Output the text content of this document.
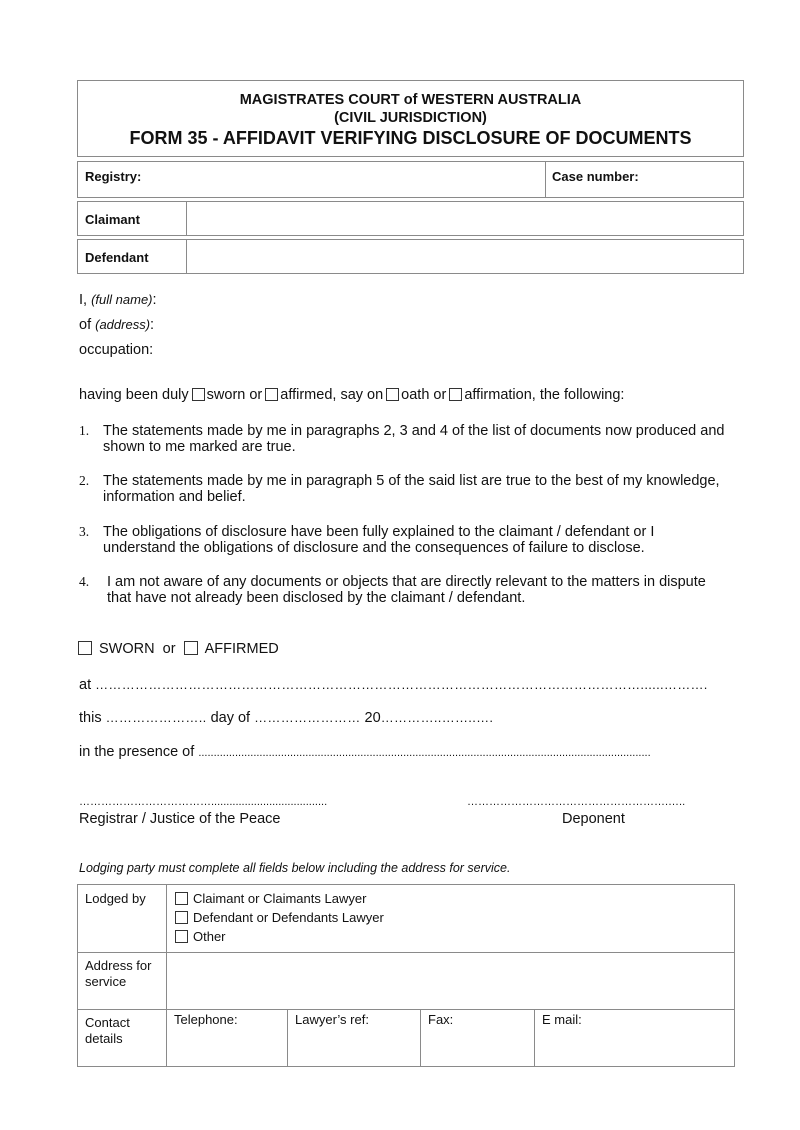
MAGISTRATES COURT of WESTERN AUSTRALIA
(CIVIL JURISDICTION)
FORM 35 - AFFIDAVIT VERIFYING DISCLOSURE OF DOCUMENTS
Registry:	Case number:
Claimant
Defendant
I, (full name):
of (address):
occupation:
having been duly sworn or affirmed, say on oath or affirmation, the following:
1. The statements made by me in paragraphs 2, 3 and 4 of the list of documents now produced and shown to me marked are true.
2. The statements made by me in paragraph 5 of the said list are true to the best of my knowledge, information and belief.
3. The obligations of disclosure have been fully explained to the claimant / defendant or I understand the obligations of disclosure and the consequences of failure to disclose.
4. I am not aware of any documents or objects that are directly relevant to the matters in dispute that have not already been disclosed by the claimant / defendant.
SWORN or AFFIRMED
at ……………………………………………………………………………………………………………......……….
this ………………….. day of …………………… 20…………..……..….
in the presence of ....................................................................................................................................................
………………………………......................................
Registrar / Justice of the Peace
……………………………………………….…..
Deponent
Lodging party must complete all fields below including the address for service.
Lodged by	Claimant or Claimants Lawyer
Defendant or Defendants Lawyer
Other
Address for
service
Contact
details
Telephone:	Lawyer’s ref:	Fax:	E mail:
